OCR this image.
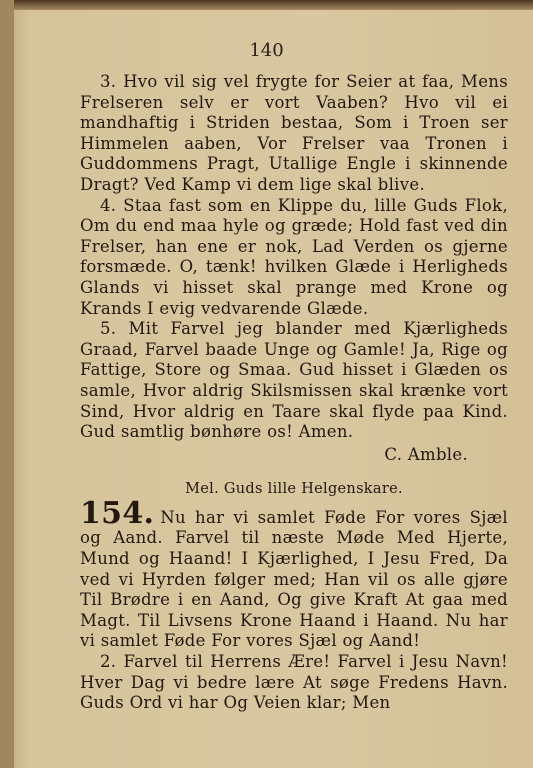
140

3. Hvo vil sig vel frygte for Seier at faa, Mens Frelseren selv er vort Vaaben? Hvo vil ei mandhaftig i Striden bestaa, Som i Troen ser Himmelen aaben, Vor Frelser vaa Tronen i Guddommens Pragt, Utallige Engle i skinnende Dragt? Ved Kamp vi dem lige skal blive.

4. Staa fast som en Klippe du, lille Guds Flok, Om du end maa hyle og græde; Hold fast ved din Frelser, han ene er nok, Lad Verden os gjerne forsmæde. O, tænk! hvilken Glæde i Herligheds Glands vi hisset skal prange med Krone og Krands I evig vedvarende Glæde.

5. Mit Farvel jeg blander med Kjærligheds Graad, Farvel baade Unge og Gamle! Ja, Rige og Fattige, Store og Smaa. Gud hisset i Glæden os samle, Hvor aldrig Skilsmissen skal krænke vort Sind, Hvor aldrig en Taare skal flyde paa Kind. Gud samtlig bønhøre os! Amen.

C. Amble.

Mel. Guds lille Helgenskare.

154. Nu har vi samlet Føde For vores Sjæl og Aand. Farvel til næste Møde Med Hjerte, Mund og Haand! I Kjærlighed, I Jesu Fred, Da ved vi Hyrden følger med; Han vil os alle gjøre Til Brødre i en Aand, Og give Kraft At gaa med Magt. Til Livsens Krone Haand i Haand. Nu har vi samlet Føde For vores Sjæl og Aand!

2. Farvel til Herrens Ære! Farvel i Jesu Navn! Hver Dag vi bedre lære At søge Fredens Havn. Guds Ord vi har Og Veien klar; Men
